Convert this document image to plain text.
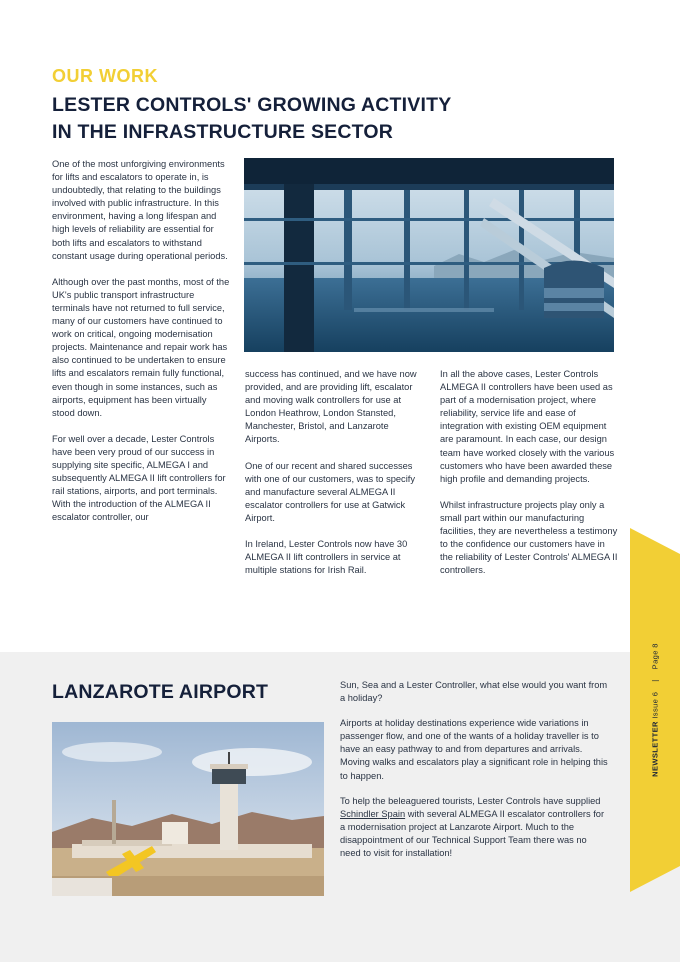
OUR WORK
LESTER CONTROLS' GROWING ACTIVITY IN THE INFRASTRUCTURE SECTOR

One of the most unforgiving environments for lifts and escalators to operate in, is undoubtedly, that relating to the buildings involved with public infrastructure. In this environment, having a long lifespan and high levels of reliability are essential for both lifts and escalators to withstand constant usage during operational periods.

Although over the past months, most of the UK's public transport infrastructure terminals have not returned to full service, many of our customers have continued to work on critical, ongoing modernisation projects. Maintenance and repair work has also continued to be undertaken to ensure lifts and escalators remain fully functional, even though in some instances, such as airports, equipment has been virtually stood down.

For well over a decade, Lester Controls have been very proud of our success in supplying site specific, ALMEGA I and subsequently ALMEGA II lift controllers for rail stations, airports, and port terminals. With the introduction of the ALMEGA II escalator controller, our

success has continued, and we have now provided, and are providing lift, escalator and moving walk controllers for use at London Heathrow, London Stansted, Manchester, Bristol, and Lanzarote Airports.

One of our recent and shared successes with one of our customers, was to specify and manufacture several ALMEGA II escalator controllers for use at Gatwick Airport.

In Ireland, Lester Controls now have 30 ALMEGA II lift controllers in service at multiple stations for Irish Rail.

In all the above cases, Lester Controls ALMEGA II controllers have been used as part of a modernisation project, where reliability, service life and ease of integration with existing OEM equipment are paramount. In each case, our design team have worked closely with the various customers who have been awarded these high profile and demanding projects.

Whilst infrastructure projects play only a small part within our manufacturing facilities, they are nevertheless a testimony to the confidence our customers have in the reliability of Lester Controls' ALMEGA II controllers.

LANZAROTE AIRPORT	Sun, Sea and a Lester Controller, what else would you want from a holiday?

Airports at holiday destinations experience wide variations in passenger flow, and one of the wants of a holiday traveller is to have an easy pathway to and from departures and arrivals. Moving walks and escalators play a significant role in helping this to happen.

To help the beleaguered tourists, Lester Controls have supplied Schindler Spain with several ALMEGA II escalator controllers for a modernisation project at Lanzarote Airport. Much to the disappointment of our Technical Support Team there was no need to visit for installation!

NEWSLETTER Issue 6|Page 8
